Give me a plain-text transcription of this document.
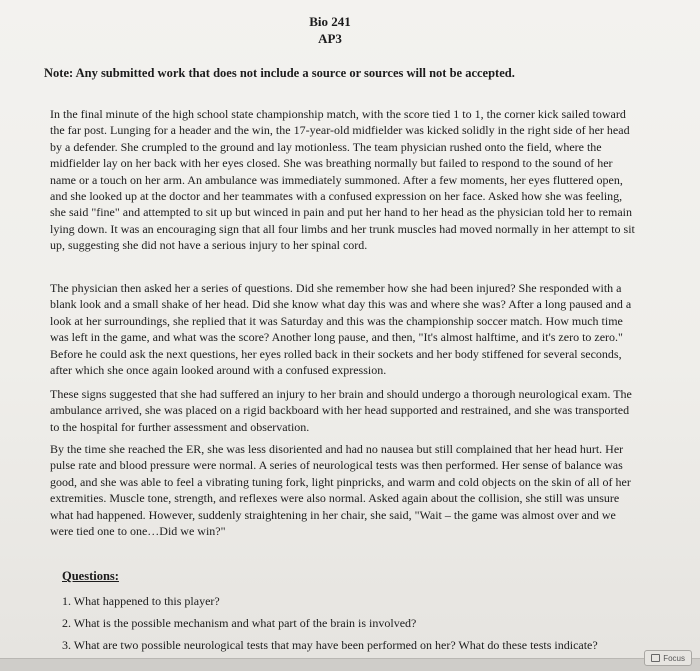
Bio 241
AP3
Note: Any submitted work that does not include a source or sources will not be accepted.

In the final minute of the high school state championship match, with the score tied 1 to 1, the corner kick sailed toward the far post. Lunging for a header and the win, the 17-year-old midfielder was kicked solidly in the right side of her head by a defender. She crumpled to the ground and lay motionless. The team physician rushed onto the field, where the midfielder lay on her back with her eyes closed. She was breathing normally but failed to respond to the sound of her name or a touch on her arm. An ambulance was immediately summoned. After a few moments, her eyes fluttered open, and she looked up at the doctor and her teammates with a confused expression on her face. Asked how she was feeling, she said "fine" and attempted to sit up but winced in pain and put her hand to her head as the physician told her to remain lying down. It was an encouraging sign that all four limbs and her trunk muscles had moved normally in her attempt to sit up, suggesting she did not have a serious injury to her spinal cord.

The physician then asked her a series of questions. Did she remember how she had been injured? She responded with a blank look and a small shake of her head. Did she know what day this was and where she was? After a long paused and a look at her surroundings, she replied that it was Saturday and this was the championship soccer match. How much time was left in the game, and what was the score? Another long pause, and then, "It's almost halftime, and it's zero to zero." Before he could ask the next questions, her eyes rolled back in their sockets and her body stiffened for several seconds, after which she once again looked around with a confused expression.

These signs suggested that she had suffered an injury to her brain and should undergo a thorough neurological exam. The ambulance arrived, she was placed on a rigid backboard with her head supported and restrained, and she was transported to the hospital for further assessment and observation.

By the time she reached the ER, she was less disoriented and had no nausea but still complained that her head hurt. Her pulse rate and blood pressure were normal. A series of neurological tests was then performed. Her sense of balance was good, and she was able to feel a vibrating tuning fork, light pinpricks, and warm and cold objects on the skin of all of her extremities. Muscle tone, strength, and reflexes were also normal. Asked again about the collision, she still was unsure what had happened. However, suddenly straightening in her chair, she said, "Wait – the game was almost over and we were tied one to one…Did we win?"

Questions:
1. What happened to this player?
2. What is the possible mechanism and what part of the brain is involved?
3. What are two possible neurological tests that may have been performed on her? What do these tests indicate?
Focus
